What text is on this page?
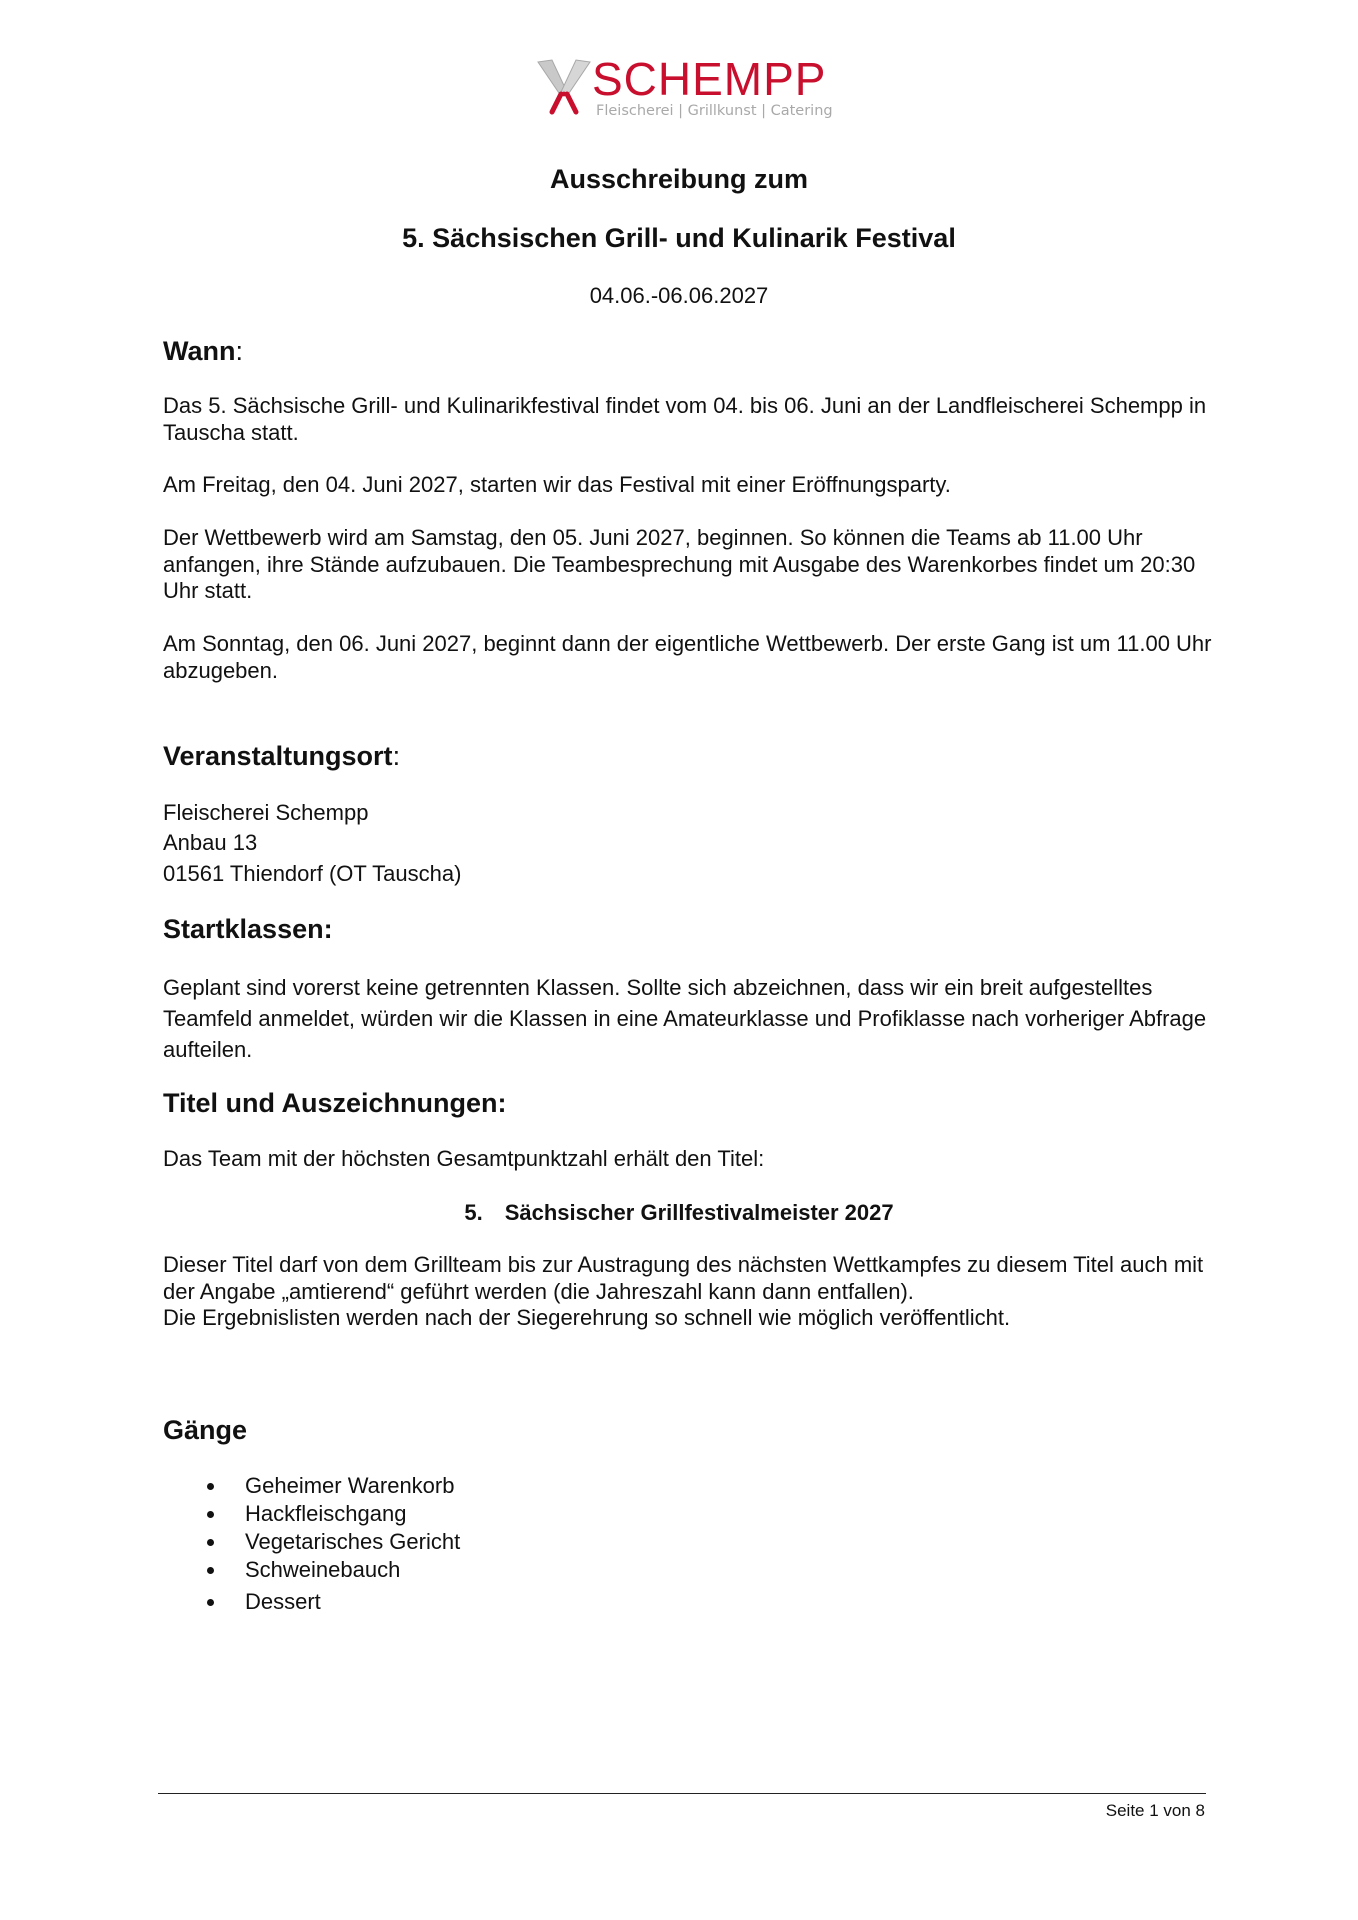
SCHEMPP
Fleischerei | Grillkunst | Catering
Ausschreibung zum
5. Sächsischen Grill- und Kulinarik Festival
04.06.-06.06.2027
Wann:
Das 5. Sächsische Grill- und Kulinarikfestival findet vom 04. bis 06. Juni an der Landfleischerei Schempp in Tauscha statt.
Am Freitag, den 04. Juni 2027, starten wir das Festival mit einer Eröffnungsparty.
Der Wettbewerb wird am Samstag, den 05. Juni 2027, beginnen. So können die Teams ab 11.00 Uhr anfangen, ihre Stände aufzubauen. Die Teambesprechung mit Ausgabe des Warenkorbes findet um 20:30 Uhr statt.
Am Sonntag, den 06. Juni 2027, beginnt dann der eigentliche Wettbewerb. Der erste Gang ist um 11.00 Uhr abzugeben.
Veranstaltungsort:
Fleischerei Schempp
Anbau 13
01561 Thiendorf (OT Tauscha)
Startklassen:
Geplant sind vorerst keine getrennten Klassen. Sollte sich abzeichnen, dass wir ein breit aufgestelltes Teamfeld anmeldet, würden wir die Klassen in eine Amateurklasse und Profiklasse nach vorheriger Abfrage aufteilen.
Titel und Auszeichnungen:
Das Team mit der höchsten Gesamtpunktzahl erhält den Titel:
5. Sächsischer Grillfestivalmeister 2027
Dieser Titel darf von dem Grillteam bis zur Austragung des nächsten Wettkampfes zu diesem Titel auch mit der Angabe „amtierend“ geführt werden (die Jahreszahl kann dann entfallen).
Die Ergebnislisten werden nach der Siegerehrung so schnell wie möglich veröffentlicht.
Gänge
Geheimer Warenkorb
Hackfleischgang
Vegetarisches Gericht
Schweinebauch
Dessert
Seite 1 von 8
